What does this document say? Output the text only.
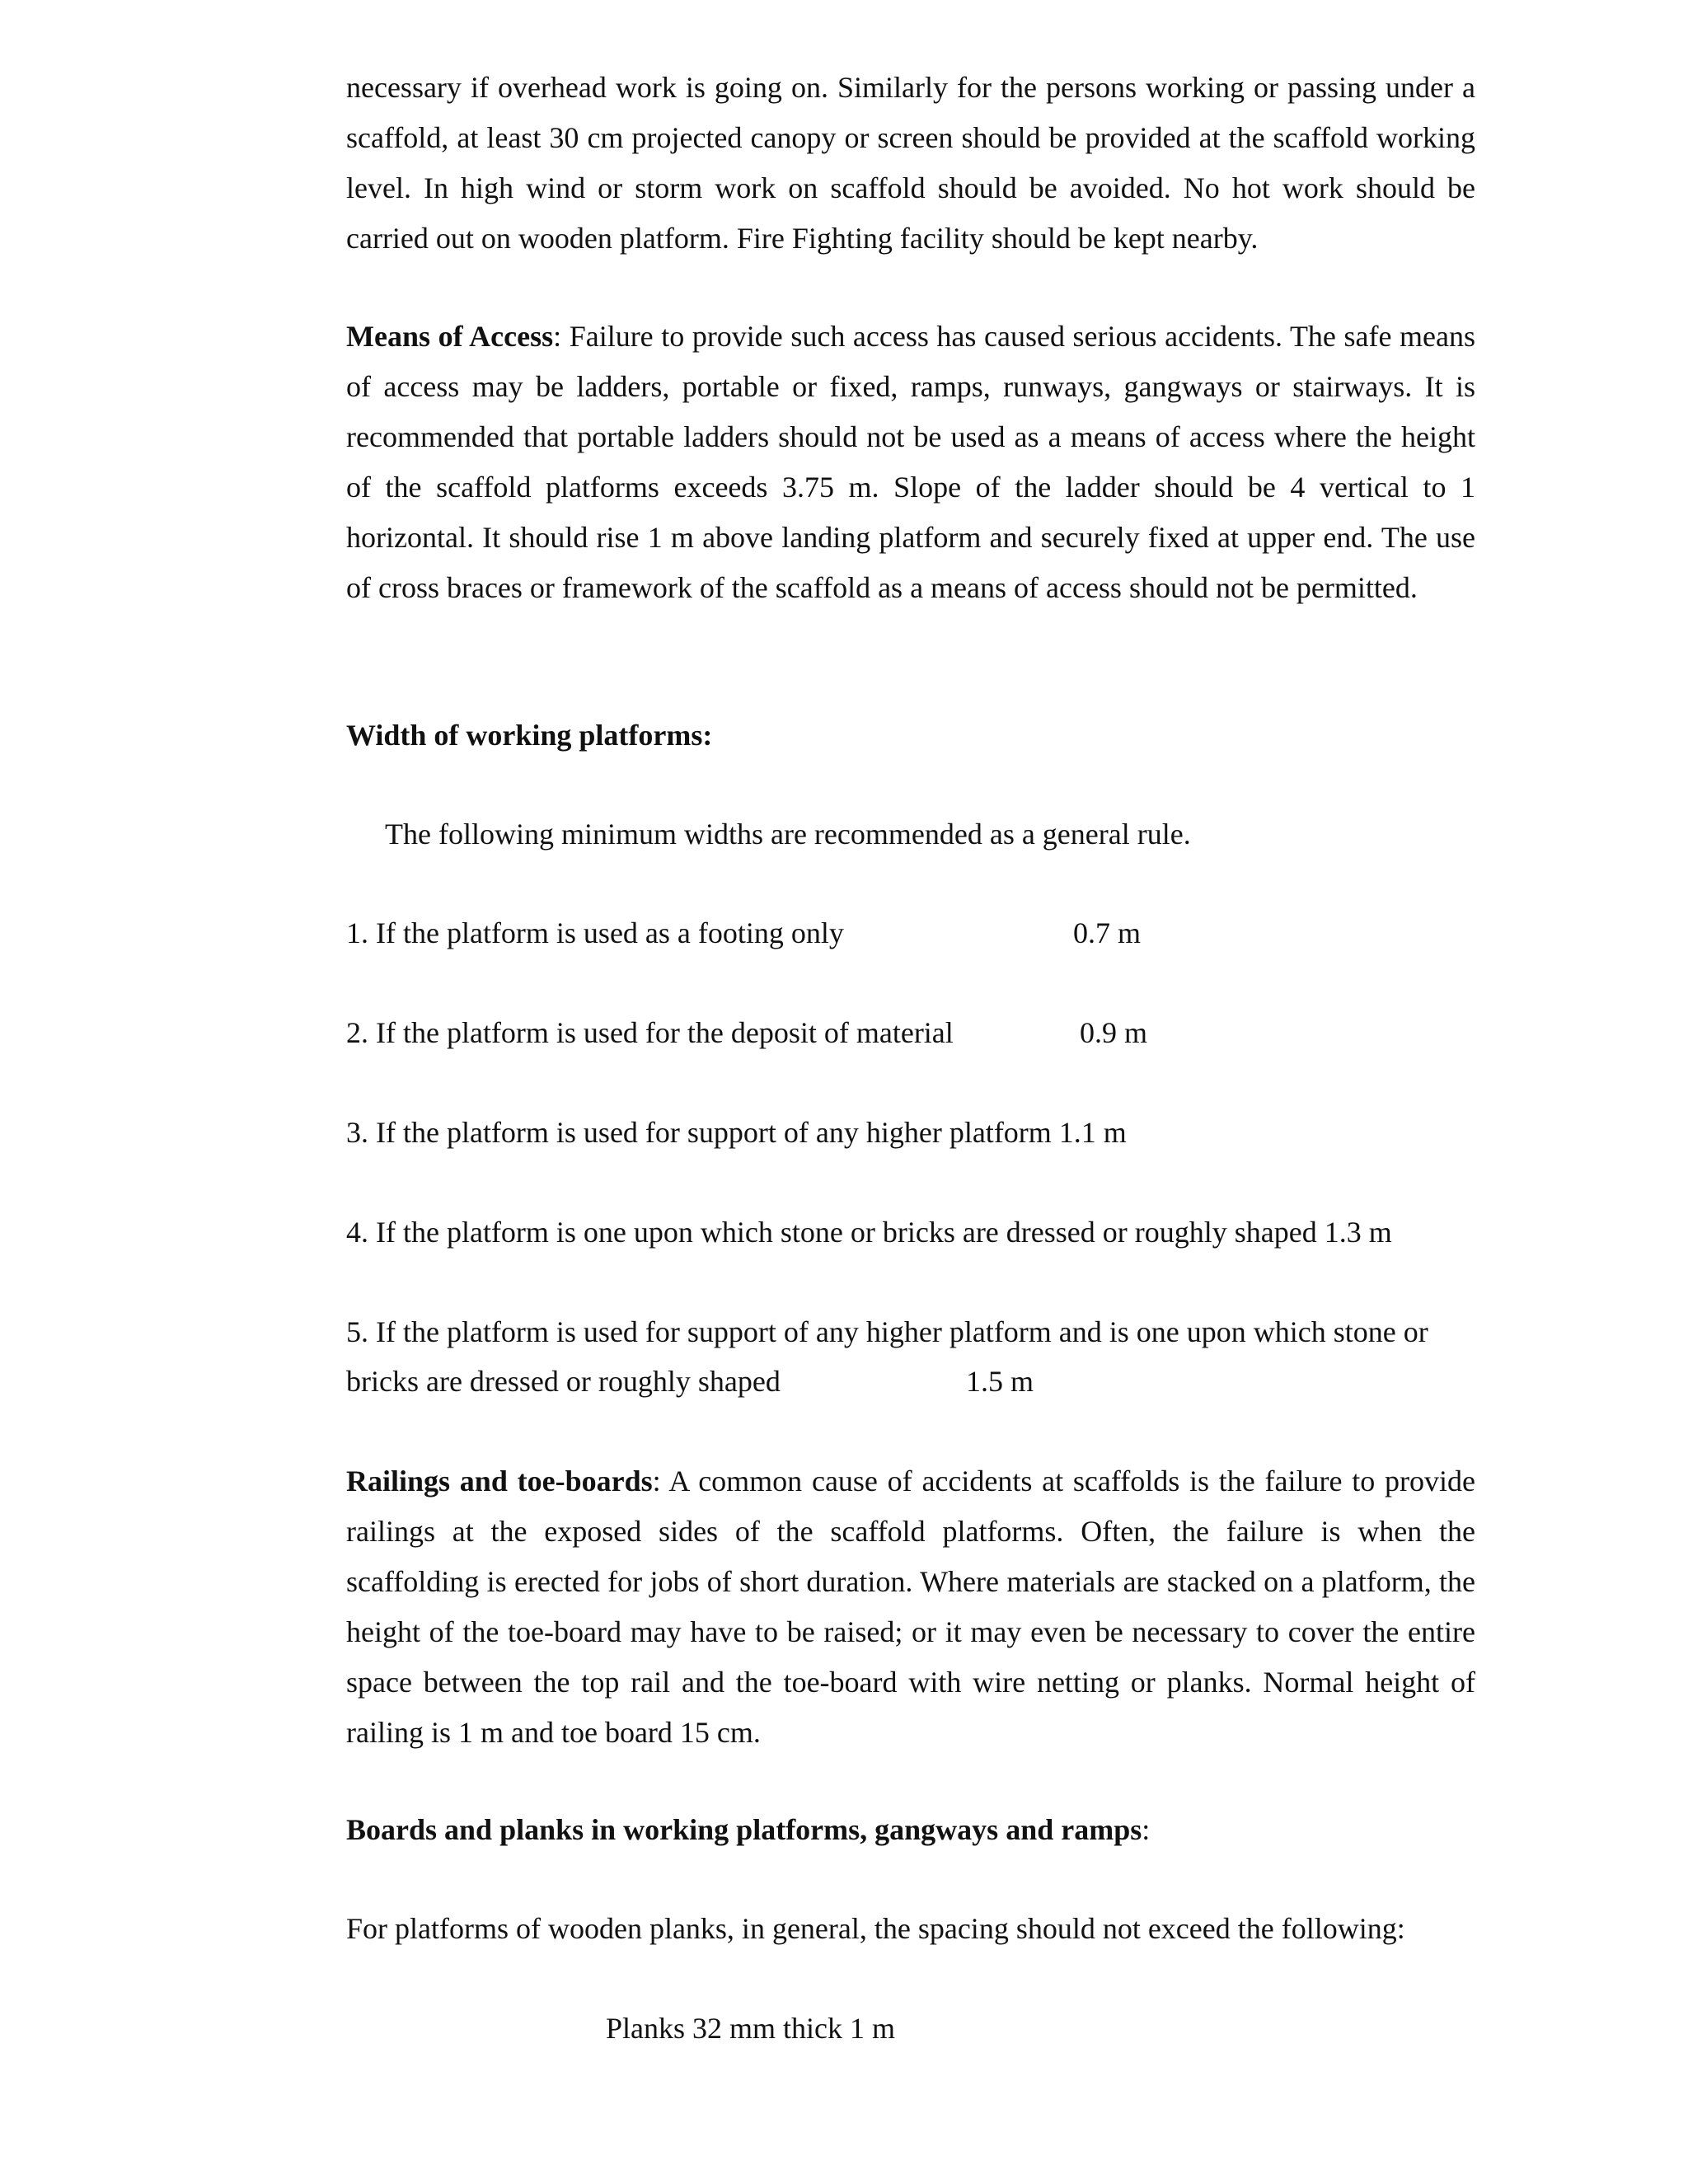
necessary if overhead work is going on. Similarly for the persons working or passing under a scaffold, at least 30 cm projected canopy or screen should be provided at the scaffold working level. In high wind or storm work on scaffold should be avoided. No hot work should be carried out on wooden platform. Fire Fighting facility should be kept nearby.

Means of Access: Failure to provide such access has caused serious accidents. The safe means of access may be ladders, portable or fixed, ramps, runways, gangways or stairways. It is recommended that portable ladders should not be used as a means of access where the height of the scaffold platforms exceeds 3.75 m. Slope of the ladder should be 4 vertical to 1 horizontal. It should rise 1 m above landing platform and securely fixed at upper end. The use of cross braces or framework of the scaffold as a means of access should not be permitted.

Width of working platforms:
The following minimum widths are recommended as a general rule.
1. If the platform is used as a footing only	0.7 m
2. If the platform is used for the deposit of material	0.9 m
3. If the platform is used for support of any higher platform 1.1 m
4. If the platform is one upon which stone or bricks are dressed or roughly shaped 1.3 m
5. If the platform is used for support of any higher platform and is one upon which stone or
bricks are dressed or roughly shaped	1.5 m

Railings and toe-boards: A common cause of accidents at scaffolds is the failure to provide railings at the exposed sides of the scaffold platforms. Often, the failure is when the scaffolding is erected for jobs of short duration. Where materials are stacked on a platform, the height of the toe-board may have to be raised; or it may even be necessary to cover the entire space between the top rail and the toe-board with wire netting or planks. Normal height of railing is 1 m and toe board 15 cm.

Boards and planks in working platforms, gangways and ramps:
For platforms of wooden planks, in general, the spacing should not exceed the following:
Planks 32 mm thick 1 m
